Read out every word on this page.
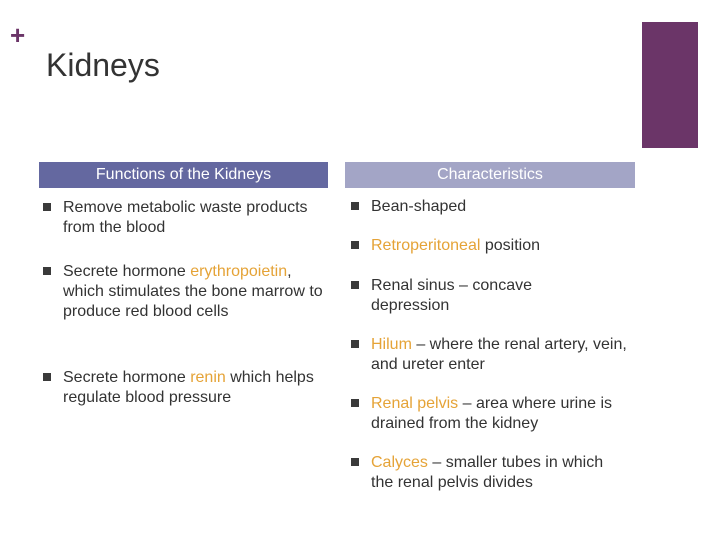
+
Kidneys
Functions of the Kidneys
Remove metabolic waste products from the blood
Secrete hormone erythropoietin, which stimulates the bone marrow to produce red blood cells
Secrete hormone renin which helps regulate blood pressure
Characteristics
Bean-shaped
Retroperitoneal position
Renal sinus – concave depression
Hilum – where the renal artery, vein, and ureter enter
Renal pelvis – area where urine is drained from the kidney
Calyces – smaller tubes in which the renal pelvis divides
